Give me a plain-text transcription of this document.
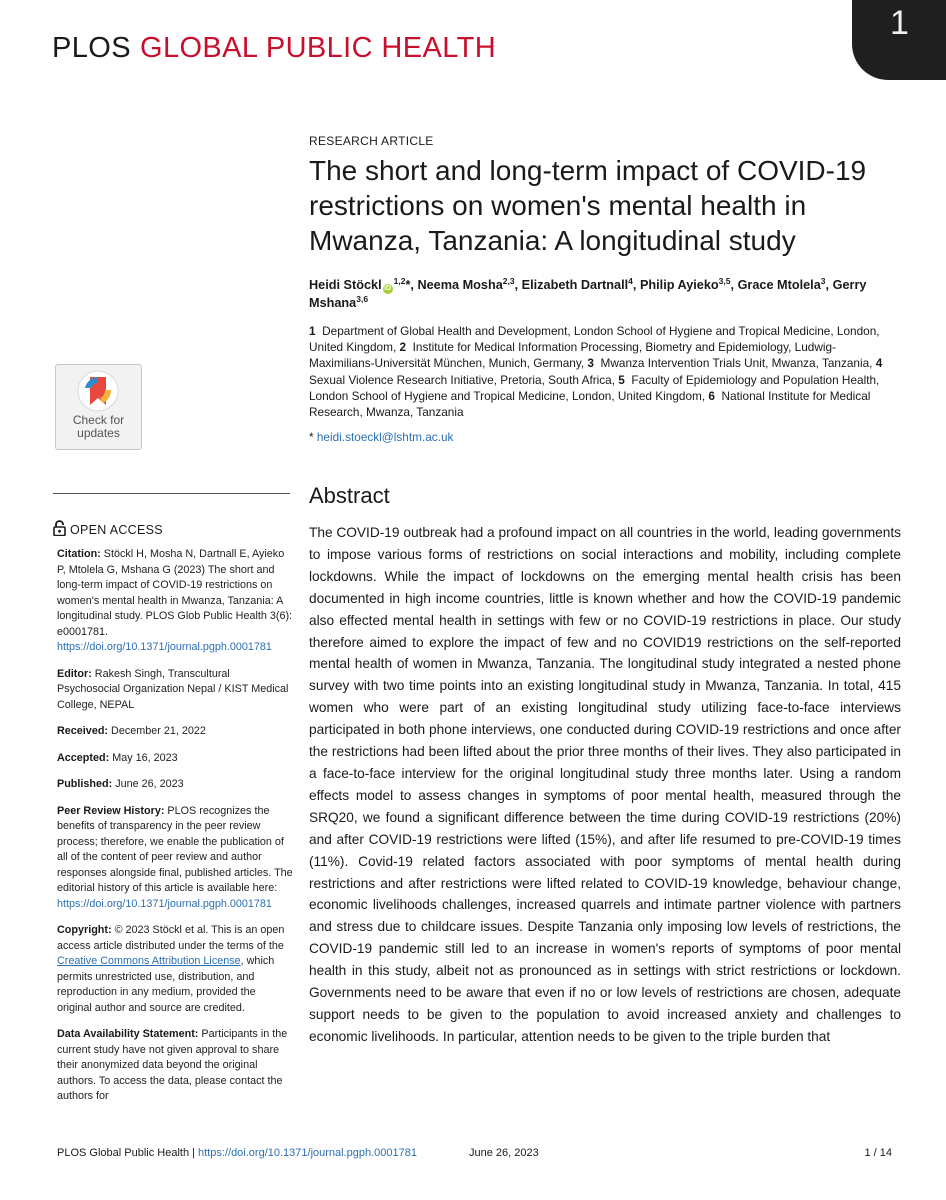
PLOS GLOBAL PUBLIC HEALTH
1
Check for
updates
OPEN ACCESS

Citation: Stöckl H, Mosha N, Dartnall E, Ayieko P, Mtolela G, Mshana G (2023) The short and long-term impact of COVID-19 restrictions on women's mental health in Mwanza, Tanzania: A longitudinal study. PLOS Glob Public Health 3(6): e0001781. https://doi.org/10.1371/journal.pgph.0001781

Editor: Rakesh Singh, Transcultural Psychosocial Organization Nepal / KIST Medical College, NEPAL

Received: December 21, 2022

Accepted: May 16, 2023

Published: June 26, 2023

Peer Review History: PLOS recognizes the benefits of transparency in the peer review process; therefore, we enable the publication of all of the content of peer review and author responses alongside final, published articles. The editorial history of this article is available here: https://doi.org/10.1371/journal.pgph.0001781

Copyright: © 2023 Stöckl et al. This is an open access article distributed under the terms of the Creative Commons Attribution License, which permits unrestricted use, distribution, and reproduction in any medium, provided the original author and source are credited.

Data Availability Statement: Participants in the current study have not given approval to share their anonymized data beyond the original authors. To access the data, please contact the authors for

RESEARCH ARTICLE
The short and long-term impact of COVID-19 restrictions on women's mental health in Mwanza, Tanzania: A longitudinal study
Heidi Stöckl iD$^{1,2}$*, Neema Mosha$^{2,3}$, Elizabeth Dartnall$^4$, Philip Ayieko$^{3,5}$, Grace Mtolela$^3$, Gerry Mshana$^{3,6}$
1 Department of Global Health and Development, London School of Hygiene and Tropical Medicine, London, United Kingdom, 2 Institute for Medical Information Processing, Biometry and Epidemiology, Ludwig-Maximilians-Universität München, Munich, Germany, 3 Mwanza Intervention Trials Unit, Mwanza, Tanzania, 4  Sexual Violence Research Initiative, Pretoria, South Africa, 5 Faculty of Epidemiology and Population Health, London School of Hygiene and Tropical Medicine, London, United Kingdom, 6 National Institute for Medical Research, Mwanza, Tanzania
* heidi.stoeckl@lshtm.ac.uk
Abstract
The COVID-19 outbreak had a profound impact on all countries in the world, leading governments to impose various forms of restrictions on social interactions and mobility, including complete lockdowns. While the impact of lockdowns on the emerging mental health crisis has been documented in high income countries, little is known whether and how the COVID-19 pandemic also effected mental health in settings with few or no COVID-19 restrictions in place. Our study therefore aimed to explore the impact of few and no COVID19 restrictions on the self-reported mental health of women in Mwanza, Tanzania. The longitudinal study integrated a nested phone survey with two time points into an existing longitudinal study in Mwanza, Tanzania. In total, 415 women who were part of an existing longitudinal study utilizing face-to-face interviews participated in both phone interviews, one conducted during COVID-19 restrictions and once after the restrictions had been lifted about the prior three months of their lives. They also participated in a face-to-face interview for the original longitudinal study three months later. Using a random effects model to assess changes in symptoms of poor mental health, measured through the SRQ20, we found a significant difference between the time during COVID-19 restrictions (20%) and after COVID-19 restrictions were lifted (15%), and after life resumed to pre-COVID-19 times (11%). Covid-19 related factors associated with poor symptoms of mental health during restrictions and after restrictions were lifted related to COVID-19 knowledge, behaviour change, economic livelihoods challenges, increased quarrels and intimate partner violence with partners and stress due to childcare issues. Despite Tanzania only imposing low levels of restrictions, the COVID-19 pandemic still led to an increase in women's reports of symptoms of poor mental health in this study, albeit not as pronounced as in settings with strict restrictions or lockdown. Governments need to be aware that even if no or low levels of restrictions are chosen, adequate support needs to be given to the population to avoid increased anxiety and challenges to economic livelihoods. In particular, attention needs to be given to the triple burden that
PLOS Global Public Health | https://doi.org/10.1371/journal.pgph.0001781	June 26, 2023	1 / 14
